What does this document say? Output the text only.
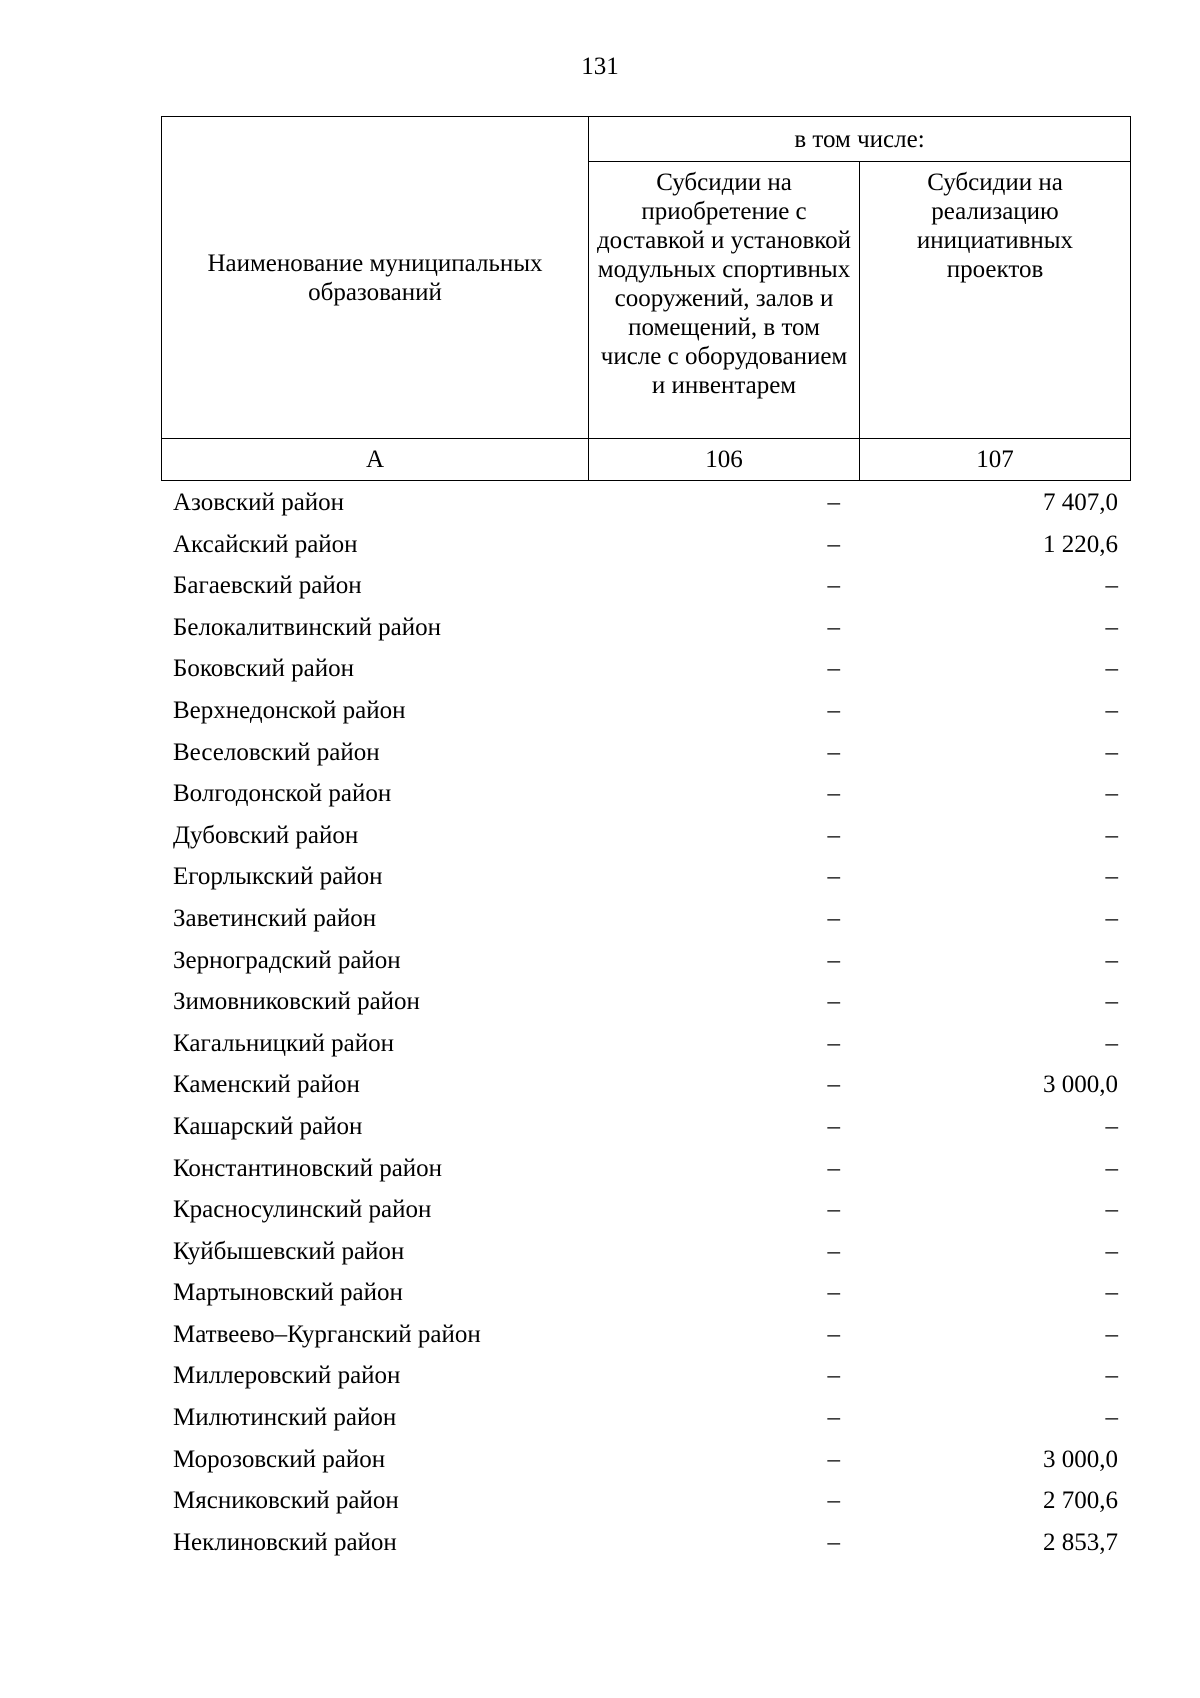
131
Наименование муниципальных образований	в том числе:	
	Субсидии на приобретение с доставкой и установкой модульных спортивных сооружений, залов и помещений, в том числе с оборудованием и инвентарем	Субсидии на реализацию инициативных проектов
А	106	107
Азовский район	–	7 407,0
Аксайский район	–	1 220,6
Багаевский район	–	–
Белокалитвинский район	–	–
Боковский район	–	–
Верхнедонской район	–	–
Веселовский район	–	–
Волгодонской район	–	–
Дубовский район	–	–
Егорлыкский район	–	–
Заветинский район	–	–
Зерноградский район	–	–
Зимовниковский район	–	–
Кагальницкий район	–	–
Каменский район	–	3 000,0
Кашарский район	–	–
Константиновский район	–	–
Красносулинский район	–	–
Куйбышевский район	–	–
Мартыновский район	–	–
Матвеево–Курганский район	–	–
Миллеровский район	–	–
Милютинский район	–	–
Морозовский район	–	3 000,0
Мясниковский район	–	2 700,6
Неклиновский район	–	2 853,7
